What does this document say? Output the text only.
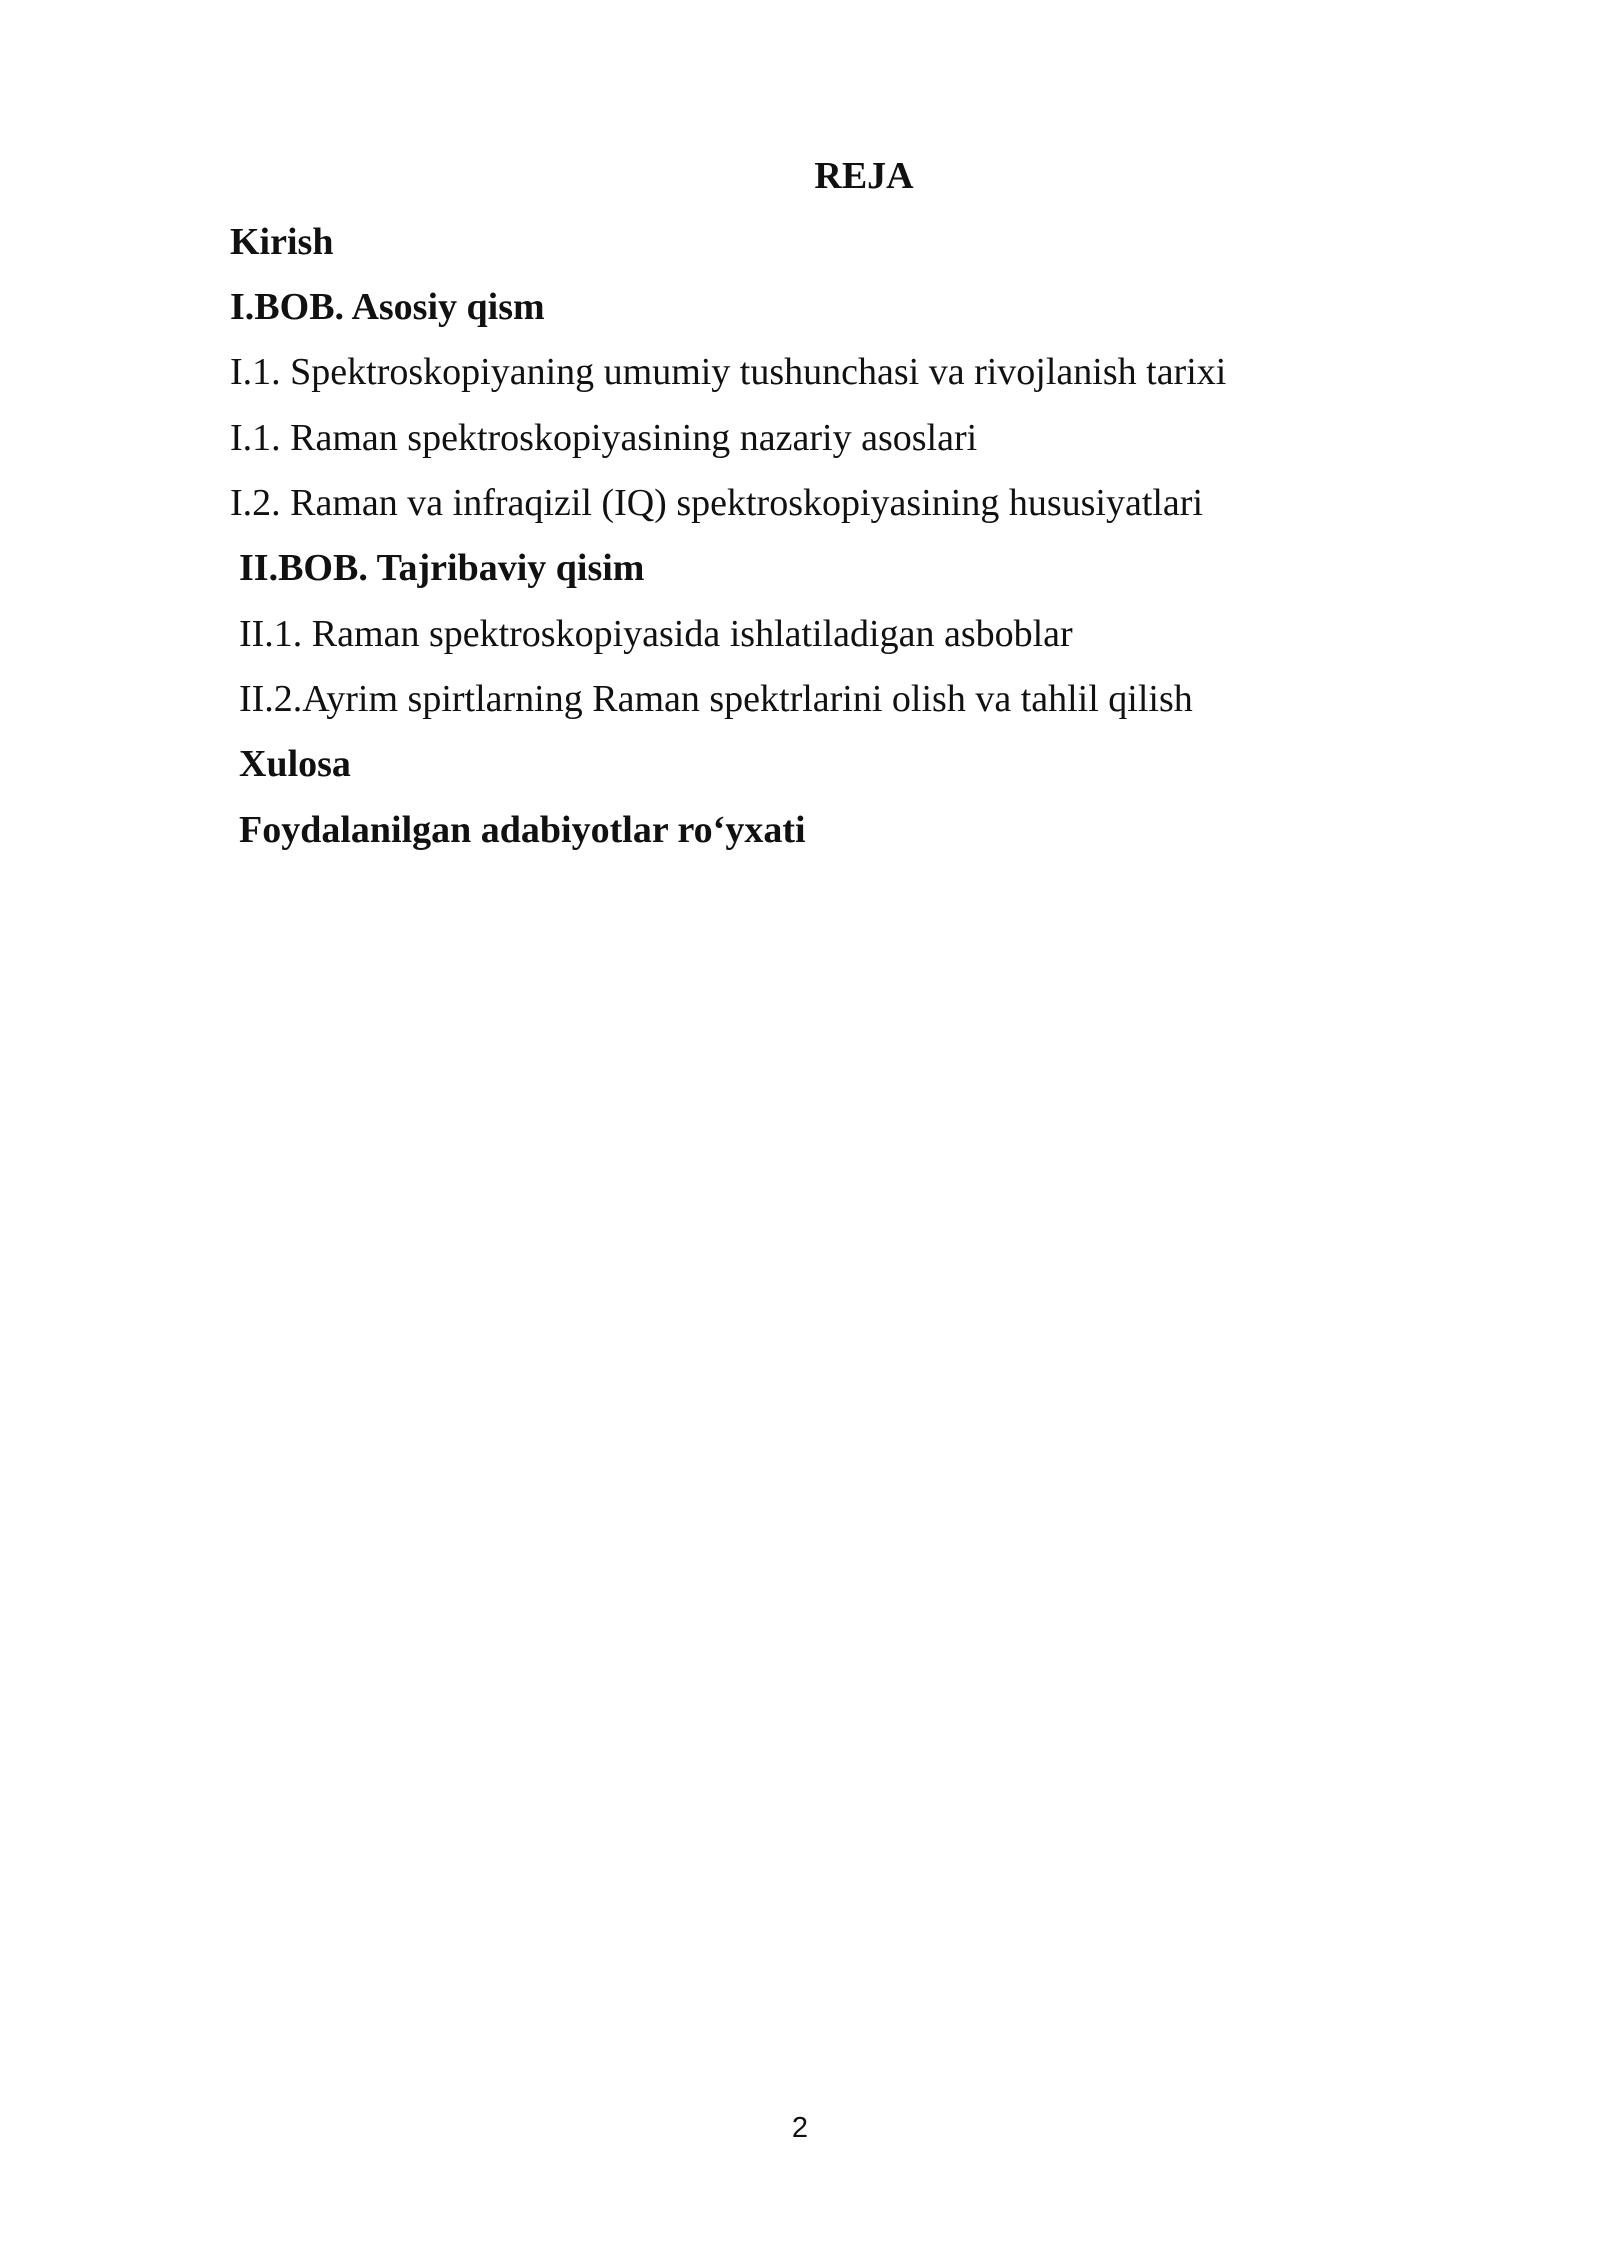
REJA
Kirish
I.BOB. Asosiy qism
I.1. Spektroskopiyaning umumiy tushunchasi va rivojlanish tarixi
I.1. Raman spektroskopiyasining nazariy asoslari
I.2. Raman va infraqizil (IQ) spektroskopiyasining hususiyatlari
II.BOB. Tajribaviy qisim
II.1. Raman spektroskopiyasida ishlatiladigan asboblar
II.2.Ayrim spirtlarning Raman spektrlarini olish va tahlil qilish
Xulosa
Foydalanilgan adabiyotlar ro‘yxati
2
